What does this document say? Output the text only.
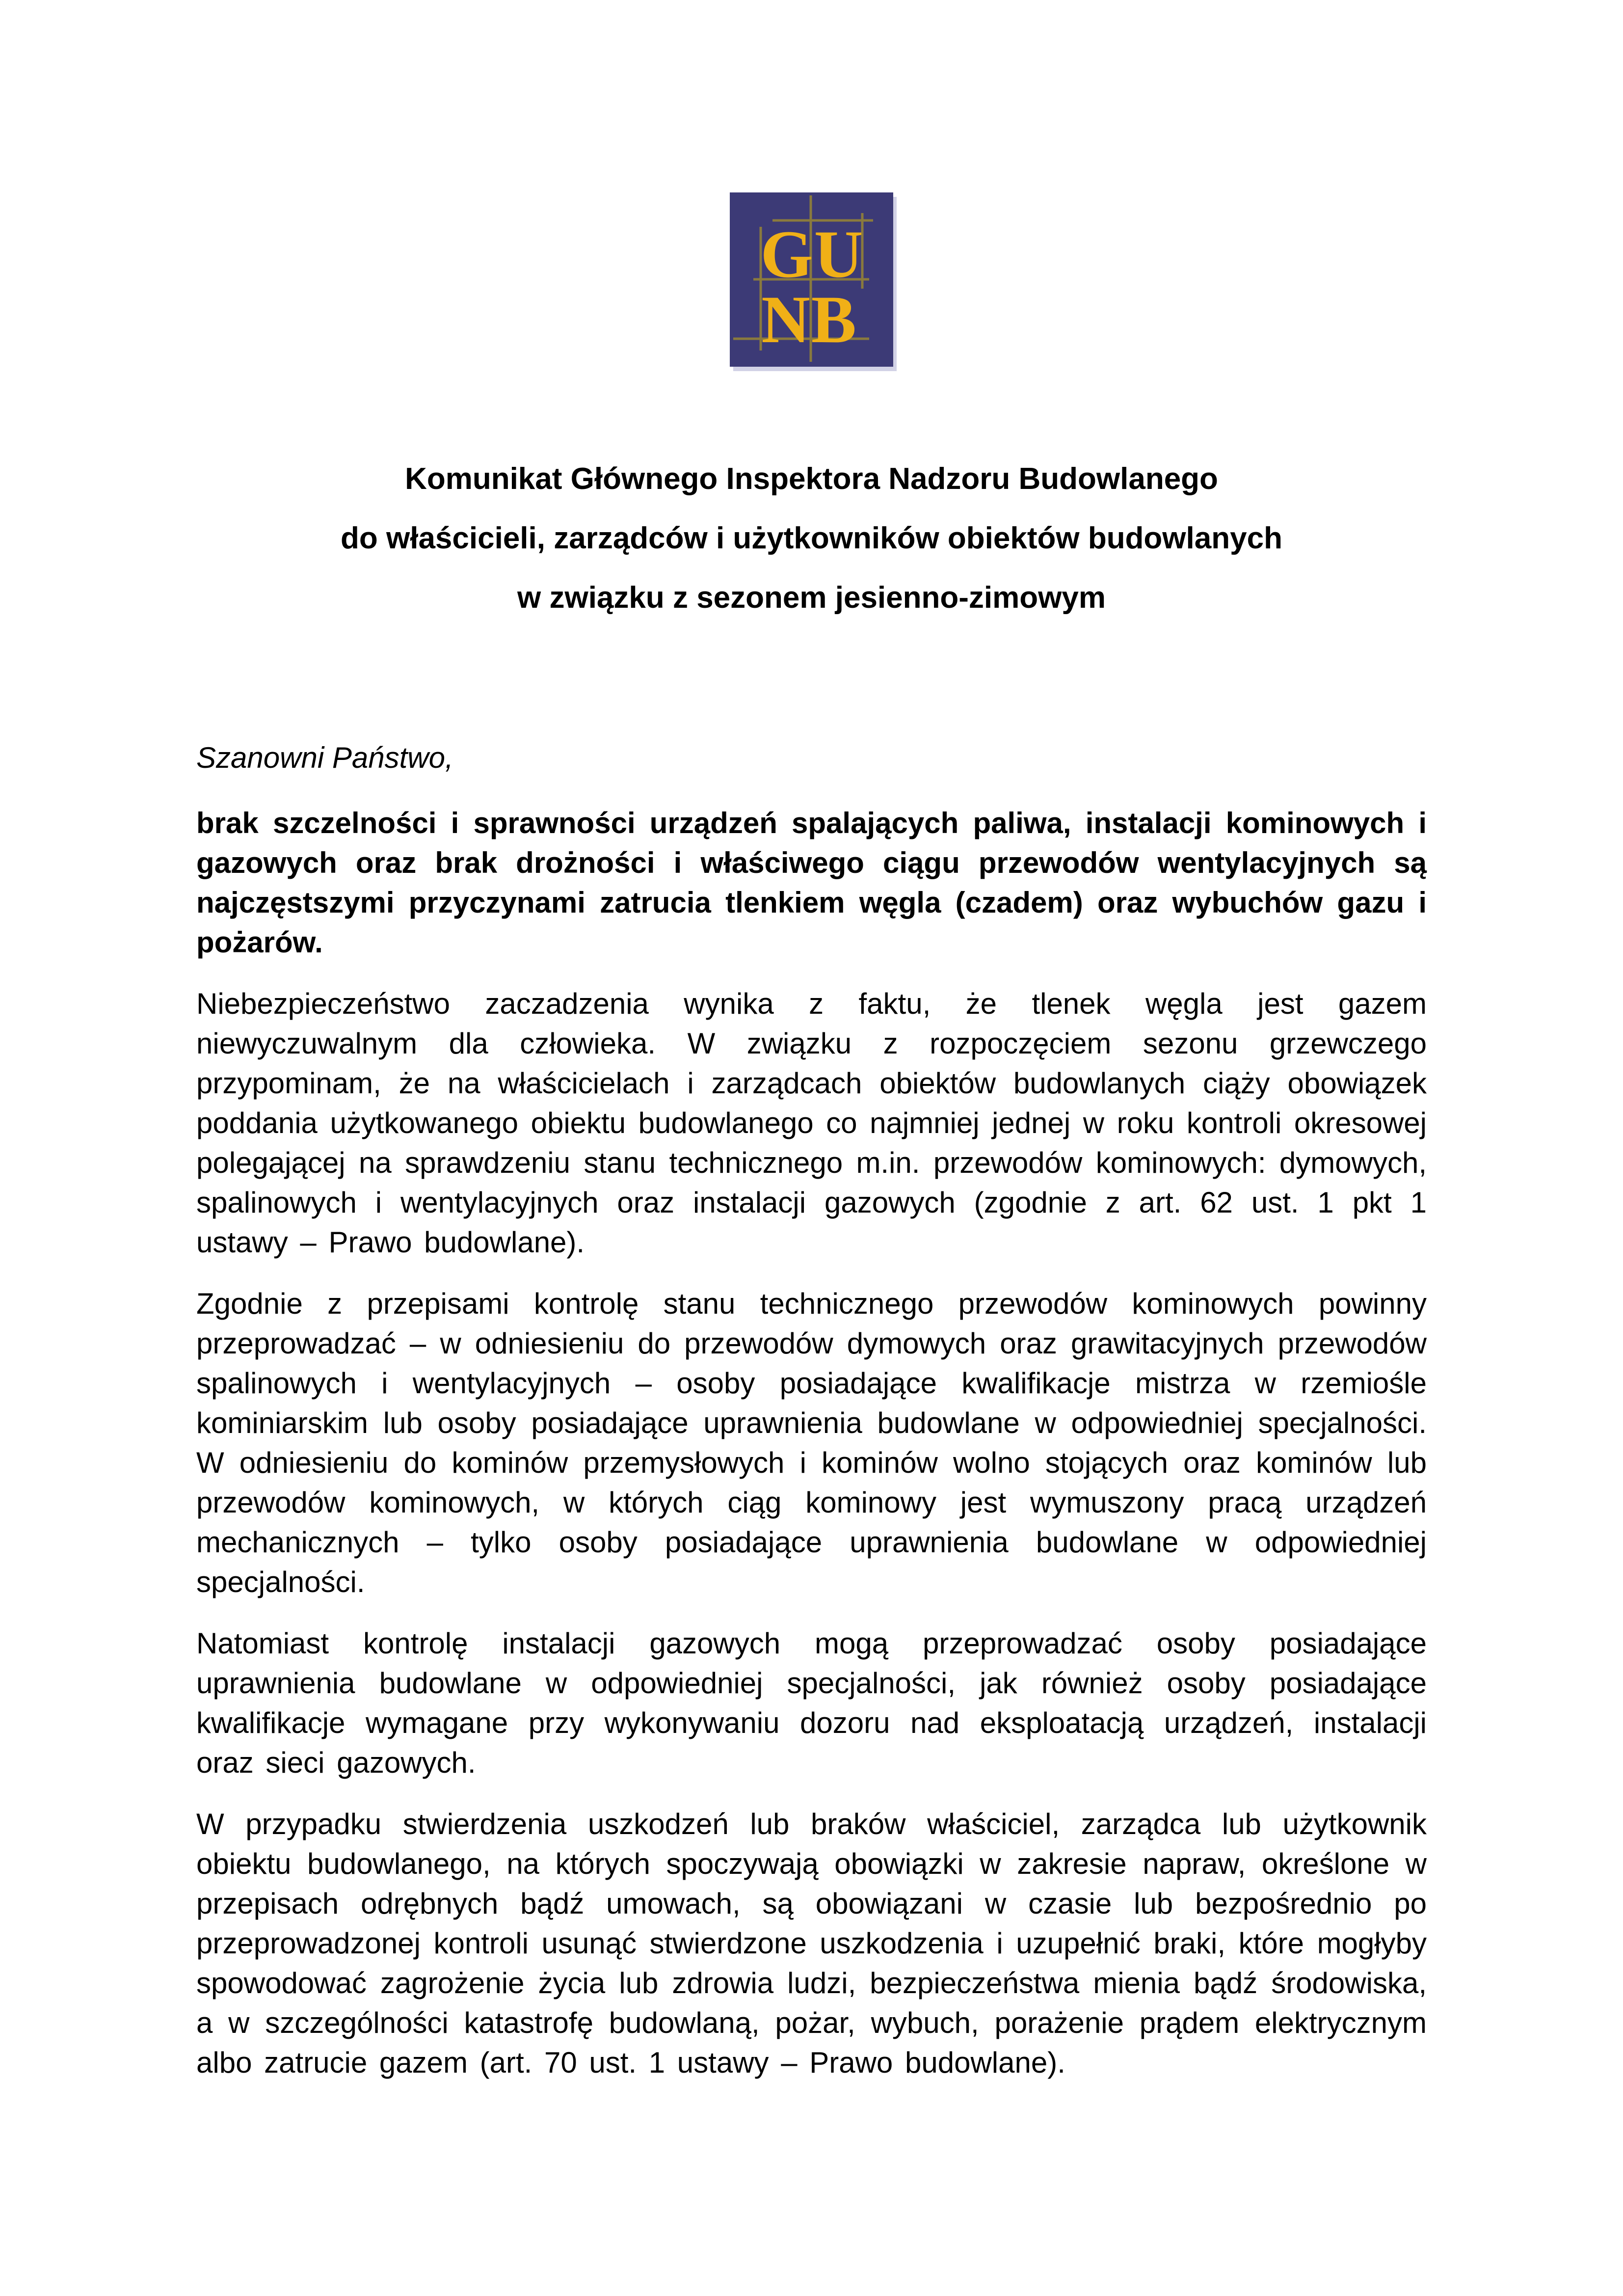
GU
NB
Komunikat Głównego Inspektora Nadzoru Budowlanego
do właścicieli, zarządców i użytkowników obiektów budowlanych
w związku z sezonem jesienno-zimowym

Szanowni Państwo,

brak szczelności i sprawności urządzeń spalających paliwa, instalacji kominowych i gazowych oraz brak drożności i właściwego ciągu przewodów wentylacyjnych są najczęstszymi przyczynami zatrucia tlenkiem węgla (czadem) oraz wybuchów gazu i pożarów.

Niebezpieczeństwo zaczadzenia wynika z faktu, że tlenek węgla jest gazem niewyczuwalnym dla człowieka. W związku z rozpoczęciem sezonu grzewczego przypominam, że na właścicielach i zarządcach obiektów budowlanych ciąży obowiązek poddania użytkowanego obiektu budowlanego co najmniej jednej w roku kontroli okresowej polegającej na sprawdzeniu stanu technicznego m.in. przewodów kominowych: dymowych, spalinowych i wentylacyjnych oraz instalacji gazowych (zgodnie z art. 62 ust. 1 pkt 1 ustawy – Prawo budowlane).

Zgodnie z przepisami kontrolę stanu technicznego przewodów kominowych powinny przeprowadzać – w odniesieniu do przewodów dymowych oraz grawitacyjnych przewodów spalinowych i wentylacyjnych – osoby posiadające kwalifikacje mistrza w rzemiośle kominiarskim lub osoby posiadające uprawnienia budowlane w odpowiedniej specjalności. W odniesieniu do kominów przemysłowych i kominów wolno stojących oraz kominów lub przewodów kominowych, w których ciąg kominowy jest wymuszony pracą urządzeń mechanicznych – tylko osoby posiadające uprawnienia budowlane w odpowiedniej specjalności.

Natomiast kontrolę instalacji gazowych mogą przeprowadzać osoby posiadające uprawnienia budowlane w odpowiedniej specjalności, jak również osoby posiadające kwalifikacje wymagane przy wykonywaniu dozoru nad eksploatacją urządzeń, instalacji oraz sieci gazowych.

W przypadku stwierdzenia uszkodzeń lub braków właściciel, zarządca lub użytkownik obiektu budowlanego, na których spoczywają obowiązki w zakresie napraw, określone w przepisach odrębnych bądź umowach, są obowiązani w czasie lub bezpośrednio po przeprowadzonej kontroli usunąć stwierdzone uszkodzenia i uzupełnić braki, które mogłyby spowodować zagrożenie życia lub zdrowia ludzi, bezpieczeństwa mienia bądź środowiska, a w szczególności katastrofę budowlaną, pożar, wybuch, porażenie prądem elektrycznym albo zatrucie gazem (art. 70 ust. 1 ustawy – Prawo budowlane).
